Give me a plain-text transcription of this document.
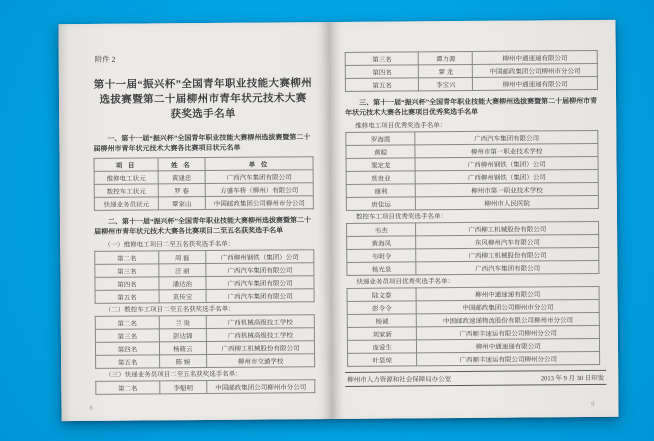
附件 2
第十一届“振兴杯”全国青年职业技能大赛柳州
选拔赛暨第二十届柳州市青年状元技术大赛
获奖选手名单
一、第十一届“振兴杯”全国青年职业技能大赛柳州选拔赛暨第二十届柳州市青年状元技术大赛各比赛项目状元名单
项 目	姓 名	单 位
维修电工状元	黄建忠	广西汽车集团有限公司
数控车工状元	罗 春	方盛车桥（柳州）有限公司
快递业务员状元	覃家山	中国邮政集团公司柳州市分公司
二、第十一届“振兴杯”全国青年职业技能大赛柳州选拔赛暨第二十届柳州市青年状元技术大赛各比赛项目二至五名获奖选手名单
（一）维修电工项目二至五名获奖选手名单：
第二名	周 磊	广西柳州钢铁（集团）公司
第三名	汪 丽	广西汽车集团有限公司
第四名	潘达治	广西汽车集团有限公司
第五名	莫传宝	广西汽车集团有限公司
（二）数控车工项目二至五名获奖选手名单：
第二名	兰 贵	广西机械高级技工学校
第三名	彭达锦	广西机械高级技工学校
第四名	杨筱云	广西柳工机械股份有限公司
第五名	陈 婉	柳州市交通学校
（三）快递业务员项目二至五名获奖选手名单：
第二名	李魁明	中国邮政集团公司柳州市分公司
8
第三名	谭力源	柳州中通速递有限公司
第四名	覃 龙	中国邮政集团公司柳州市分公司
第五名	李宝兴	柳州中通速递有限公司
三、第十一届“振兴杯”全国青年职业技能大赛柳州选拔赛暨第二十届柳州市青年状元技术大赛各比赛项目优秀奖选手名单
维修电工项目优秀奖选手名单：
罗海霞	广西汽车集团有限公司
黄聪	柳州市第一职业技术学校
粟定龙	广西柳州钢铁（集团）公司
莫贵业	广西柳州钢铁（集团）公司
谢利	柳州市第一职业技术学校
唐佳运	柳州市人民医院
数控车工项目优秀奖选手名单：
韦杰	广西柳工机械股份有限公司
黄海凤	东风柳州汽车有限公司
韦明令	广西柳工机械股份有限公司
杨光泉	广西汽车集团有限公司
快递业务员项目优秀奖选手名单：
陆文泰	柳州中通速递有限公司
彭令令	中国邮政集团公司柳州市分公司
杨诚	中国邮政速递物流股份有限公司柳州市分公司
刘家新	广西顺丰速运有限公司柳州分公司
庞爱生	柳州中通速递有限公司
叶显琼	广西顺丰速运有限公司柳州分公司
柳州市人力资源和社会保障局办公室	2013 年 9 月 30 日印发
9
